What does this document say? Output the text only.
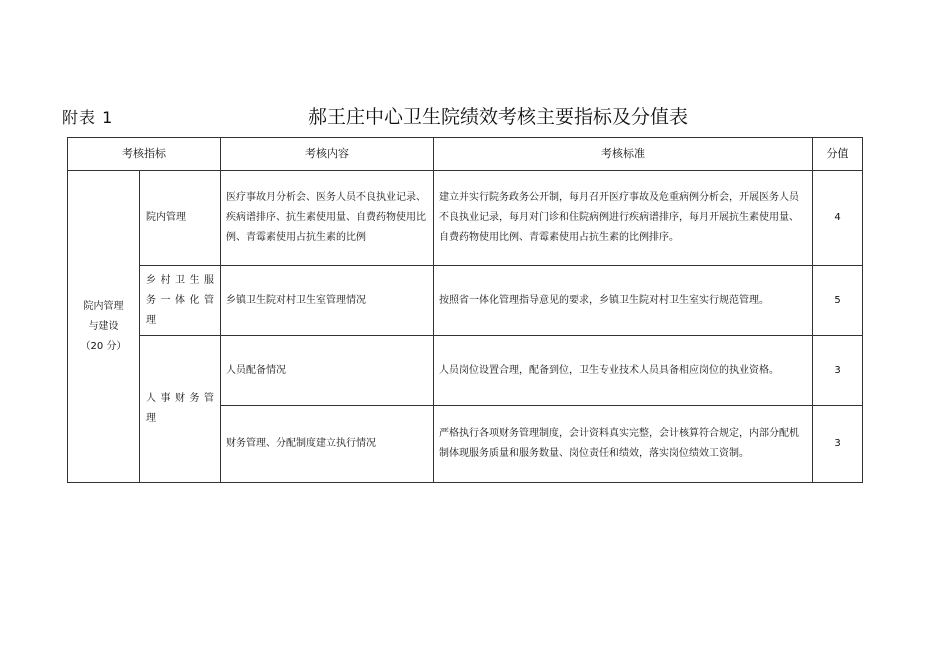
附表 1	郝王庄中心卫生院绩效考核主要指标及分值表
考核指标		考核内容	考核标准	分值

院内管理
与建设
（20 分）	院内管理	医疗事故月分析会、医务人员不良执业记录、疾病谱排序、抗生素使用量、自费药物使用比例、青霉素使用占抗生素的比例	建立并实行院务政务公开制，每月召开医疗事故及危重病例分析会，开展医务人员不良执业记录，每月对门诊和住院病例进行疾病谱排序，每月开展抗生素使用量、自费药物使用比例、青霉素使用占抗生素的比例排序。	4

	乡村卫生服
务一体化管
理	乡镇卫生院对村卫生室管理情况	按照省一体化管理指导意见的要求，乡镇卫生院对村卫生室实行规范管理。	5

	人事财务管
理	人员配备情况	人员岗位设置合理，配备到位，卫生专业技术人员具备相应岗位的执业资格。	3
		财务管理、分配制度建立执行情况	严格执行各项财务管理制度，会计资料真实完整，会计核算符合规定，内部分配机制体现服务质量和服务数量、岗位责任和绩效，落实岗位绩效工资制。	3
